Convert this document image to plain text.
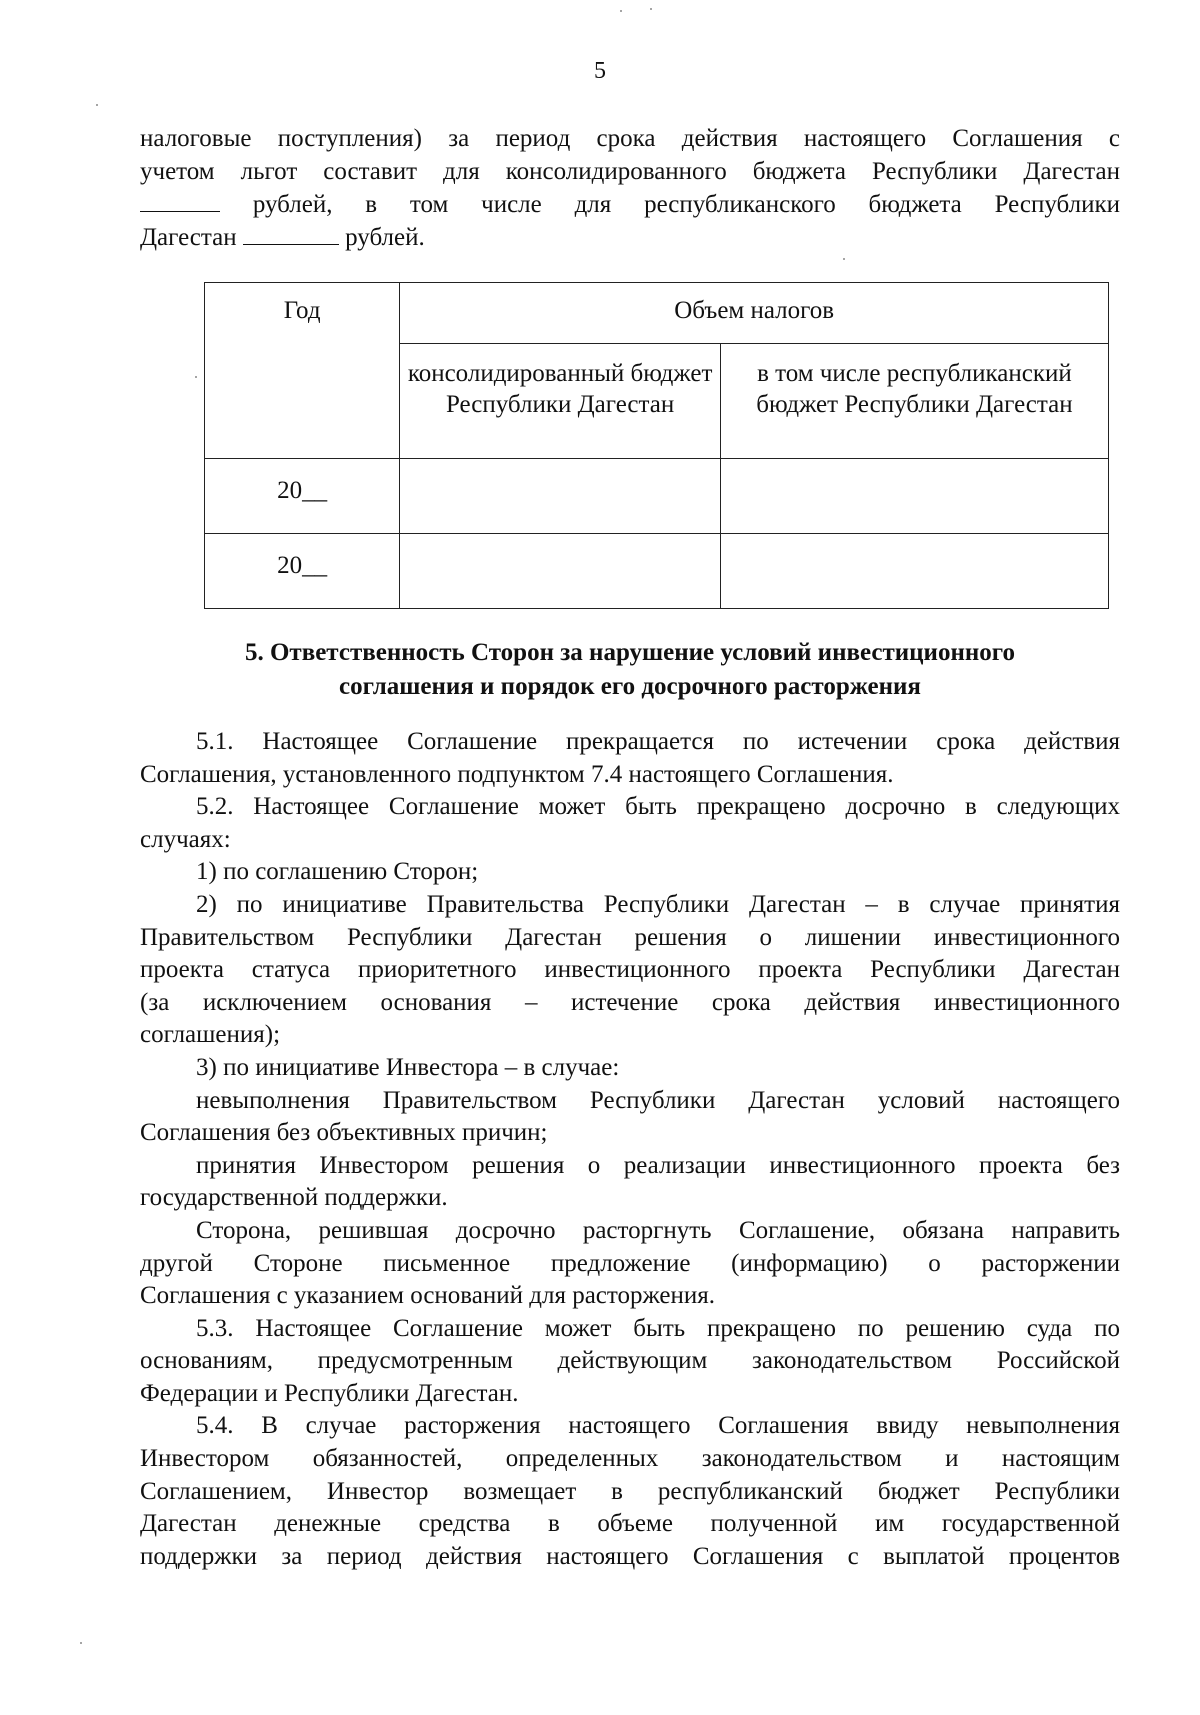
5
налоговые поступления) за период срока действия настоящего Соглашения с
учетом льгот составит для консолидированного бюджета Республики Дагестан
рублей, в том числе для республиканского бюджета Республики
Дагестан	рублей.
Год	Объем налогов	
	консолидированный бюджет Республики Дагестан	в том числе республиканский бюджет Республики Дагестан
20__		
20__		
5. Ответственность Сторон за нарушение условий инвестиционного
соглашения и порядок его досрочного расторжения
5.1. Настоящее Соглашение прекращается по истечении срока действия
Соглашения, установленного подпунктом 7.4 настоящего Соглашения.
5.2. Настоящее Соглашение может быть прекращено досрочно в следующих
случаях:
1) по соглашению Сторон;
2) по инициативе Правительства Республики Дагестан – в случае принятия
Правительством Республики Дагестан решения о лишении инвестиционного
проекта статуса приоритетного инвестиционного проекта Республики Дагестан
(за исключением основания – истечение срока действия инвестиционного
соглашения);
3) по инициативе Инвестора – в случае:
невыполнения Правительством Республики Дагестан условий настоящего
Соглашения без объективных причин;
принятия Инвестором решения о реализации инвестиционного проекта без
государственной поддержки.
Сторона, решившая досрочно расторгнуть Соглашение, обязана направить
другой Стороне письменное предложение (информацию) о расторжении
Соглашения с указанием оснований для расторжения.
5.3. Настоящее Соглашение может быть прекращено по решению суда по
основаниям, предусмотренным действующим законодательством Российской
Федерации и Республики Дагестан.
5.4. В случае расторжения настоящего Соглашения ввиду невыполнения
Инвестором обязанностей, определенных законодательством и настоящим
Соглашением, Инвестор возмещает в республиканский бюджет Республики
Дагестан денежные средства в объеме полученной им государственной
поддержки за период действия настоящего Соглашения с выплатой процентов
